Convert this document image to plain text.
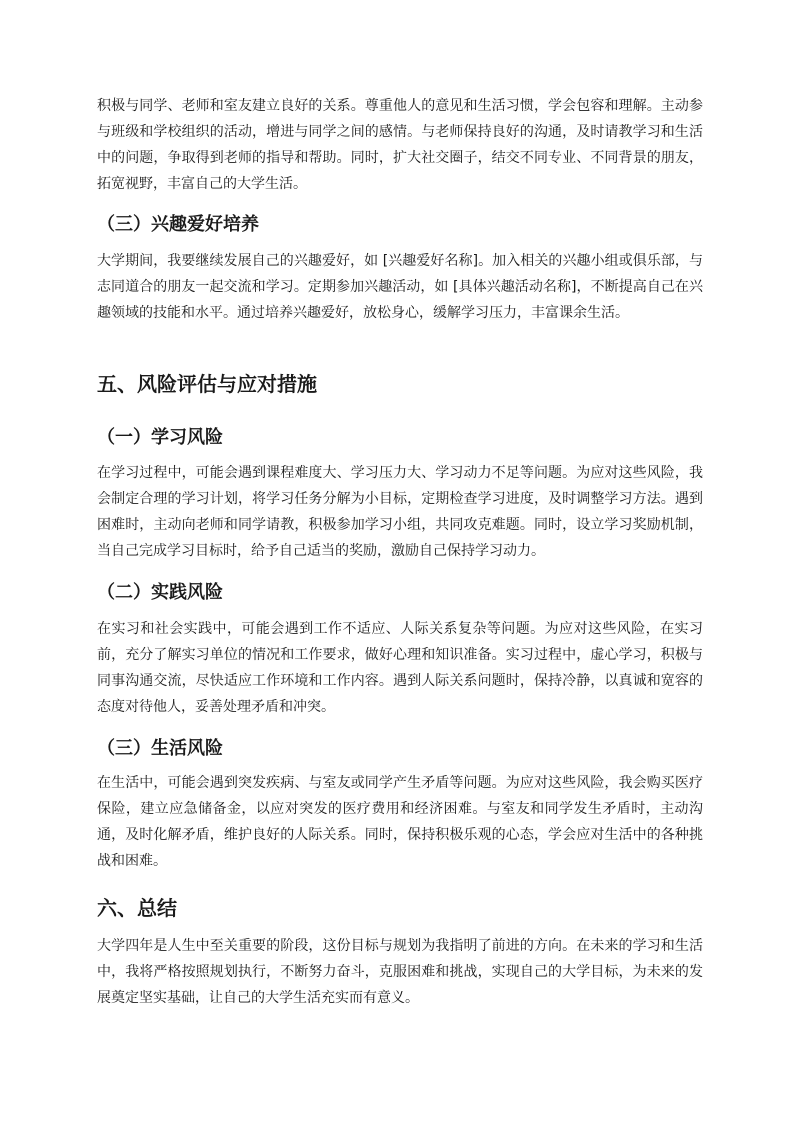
积极与同学、老师和室友建立良好的关系。尊重他人的意见和生活习惯，学会包容和理解。主动参与班级和学校组织的活动，增进与同学之间的感情。与老师保持良好的沟通，及时请教学习和生活中的问题，争取得到老师的指导和帮助。同时，扩大社交圈子，结交不同专业、不同背景的朋友，拓宽视野，丰富自己的大学生活。

（三）兴趣爱好培养

大学期间，我要继续发展自己的兴趣爱好，如 [兴趣爱好名称]。加入相关的兴趣小组或俱乐部，与志同道合的朋友一起交流和学习。定期参加兴趣活动，如 [具体兴趣活动名称]，不断提高自己在兴趣领域的技能和水平。通过培养兴趣爱好，放松身心，缓解学习压力，丰富课余生活。

五、风险评估与应对措施
（一）学习风险

在学习过程中，可能会遇到课程难度大、学习压力大、学习动力不足等问题。为应对这些风险，我会制定合理的学习计划，将学习任务分解为小目标，定期检查学习进度，及时调整学习方法。遇到困难时，主动向老师和同学请教，积极参加学习小组，共同攻克难题。同时，设立学习奖励机制，当自己完成学习目标时，给予自己适当的奖励，激励自己保持学习动力。

（二）实践风险

在实习和社会实践中，可能会遇到工作不适应、人际关系复杂等问题。为应对这些风险，在实习前，充分了解实习单位的情况和工作要求，做好心理和知识准备。实习过程中，虚心学习，积极与同事沟通交流，尽快适应工作环境和工作内容。遇到人际关系问题时，保持冷静，以真诚和宽容的态度对待他人，妥善处理矛盾和冲突。

（三）生活风险

在生活中，可能会遇到突发疾病、与室友或同学产生矛盾等问题。为应对这些风险，我会购买医疗保险，建立应急储备金，以应对突发的医疗费用和经济困难。与室友和同学发生矛盾时，主动沟通，及时化解矛盾，维护良好的人际关系。同时，保持积极乐观的心态，学会应对生活中的各种挑战和困难。

六、总结

大学四年是人生中至关重要的阶段，这份目标与规划为我指明了前进的方向。在未来的学习和生活中，我将严格按照规划执行，不断努力奋斗，克服困难和挑战，实现自己的大学目标，为未来的发展奠定坚实基础，让自己的大学生活充实而有意义。
